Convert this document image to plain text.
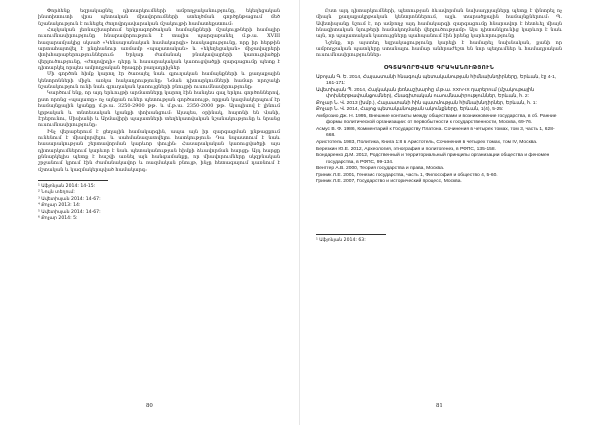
Փորձենք եզրակացնել դիտարկումների ամբողջականությունը, եկեղեցական ինստիտուտի վրա պետական միավորումների ստեղծման գործընթացում մեծ նշանակություն է ունեցել ժողովրդավարական մշակույթի համատեքստում։

Հայկական լեռնաշխարհում երկրագործական համայնքների մշակույթների համալիր ուսումնասիրությունը հնարավորություն է տալիս պարզաբանել մ.թ.ա. XVIII հազարամյակից սկսած «Կենսաբանական համակարգի» հասկացությունը, որը իր հերթին արտահայտվել է ընդհանուր առմամբ «պալատական» և «եկեղեցական» միջավայրերի փոխհարաբերություններում։ Երկար ժամանակ բնակավայրերի կառուցվածքի վերլուծությունը, «ժողովրդի» դերը և հասարակական կառուցվածքի զարգացումը պետք է դիտարկել որպես ամբողջական ծրագրի բաղադրիչներ

Մի գործոն հիմք կարող էր ծառայել նաև գյուղական համայնքների և քաղաքային կենտրոնների միջև առկա հակադրությունը։ Նման դիտարկումների համար որոշակի նշանակություն ունի նաև գյուղական կառույցների բնույթի ուսումնասիրությունը։

Կարծում ենք, որ այդ երևույթի արմատները կարող էին հանդես գալ երկու գործոններով, ըստ որոնց «պալատը» ոչ այնքան ուներ պետության գործառույթ, որքան կազմակերպում էր համայնքային կյանքը մ.թ.ա. 3250-2900 թթ. և մ.թ.ա. 2350-2000 թթ. Այսպիսով է լինում կրթական և տնտեսական կյանքի փոխանցում։ Այսպես, օրինակ, հայտնի են Վանի, Էրեբունու, Սիսիանի և Արմավիրի պալատների տեղեկատվական նշանակությունը և նրանց ուսումնասիրությունը։

Ինչ վերաբերում է ցեղային համակարգին, ապա այն իր զարգացման ընթացքում ունենում է միավորվելու և սահմանազատվելու հատկություն։ Դա նպաստում է նաև հասարակության շերտավորման կարևոր փուլին։ Հասարակական կառուցվածքի այս դիտարկումներում կարևոր է նաև պետականության հիմքի ձևավորման հարցը։ Այդ հարցը քննարկելիս պետք է հաշվի առնել այն հանգամանքը, որ միավորումները սկզբնական շրջանում կրում էին ժամանակավոր և ռազմական բնույթ, ինչը հետագայում դառնում է մշտական և կազմակերպված համակարգ։

¹ Աֆյոնյան 2014: 14-15:
² Նույն տեղում:
³ Ավետիսյան 2014: 14-67:
⁴ Քոչար 2013: 14:
⁵ Ավետիսյան 2014: 14-67:
⁶ Քոչար 2014: 5:
80

Ըստ այդ դիտարկումների, պետության ձևավորման նախադրյալները պետք է փնտրել ոչ միայն քաղաքակրթական կենտրոններում, այլև տարածքային համայնքներում։ Պ. Ավետիսյանը նշում է, որ ամբողջ այդ համակարգի զարգացումը հնարավոր է հետևել միայն հնագիտական նյութերի համակողմանի վերլուծությամբ։ Այս դիտանկյունից կարևոր է նաև այն, որ պալատական կառույցները պահպանում էին իրենց կարևորությունը

Նշենք, որ այստեղ եզրակացությունը կարելի է համարել նախնական, քանի որ ամբողջական պատկերը ստանալու համար անհրաժեշտ են նոր պեղումներ և համադրական ուսումնասիրություններ։

ՕԳՏԱԳՈՐԾՎԱԾ ԳՐԱԿԱՆՈՒԹՅՈՒՆ
Աբոյան Գ. Ե. 2014, Հայաստանի հնագույն պետականության հիմնախնդիրները, Երևան, էջ 4-1, 161-171:
Ավետիսյան Պ. 2014, Հայկական լեռնաշխարհը մ.թ.ա. XXIV-IX դարերում (մշակութային փոխներթափանցումներ), Հնագիտական ուսումնասիրություններ, Երևան, հ. 2:
Քոչար Ն. Վ. 2013 (խմբ.), Հայաստանի հին պատմության հիմնախնդիրներ, Երևան, հ. 1:
Քոչար Ն. Վ. 2014, Հայոց պետականության ակունքները, Երևան, 1(4), 5-25:
Амброзио Дж. Н. 1995, Внешние контакты между обществами и возникновение государства, в сб. Ранние формы политической организации: от первобытности к государственности, Москва, 69-76.
Асмус В. Ф. 1986, Комментарий к Государству Платона. Сочинения в четырех томах, том 3, часть 1, 628-668.
Аристотель 1983, Политика, Книга 1:8 в Аристотель, Сочинения в четырех томах, том IV, Москва.
Березкин Ю.Е. 2012, Археология, этнография и политогенез, в РФПС, 135-158.
Бондаренко Д.М. 2012, Родственный и территориальный принципы организации общества и феномен государства, в РФПС, 99-134.
Вентгер А.В. 2000, Теория государства и права, Москва.
Гриник Л.Е. 2001, Генезис государства, часть 1, Философия и общество 4, 5-60.
Гриник Л.Е. 2007, Государство и исторический процесс, Москва.
¹ Աֆյոնյան 2014: 63:
81
